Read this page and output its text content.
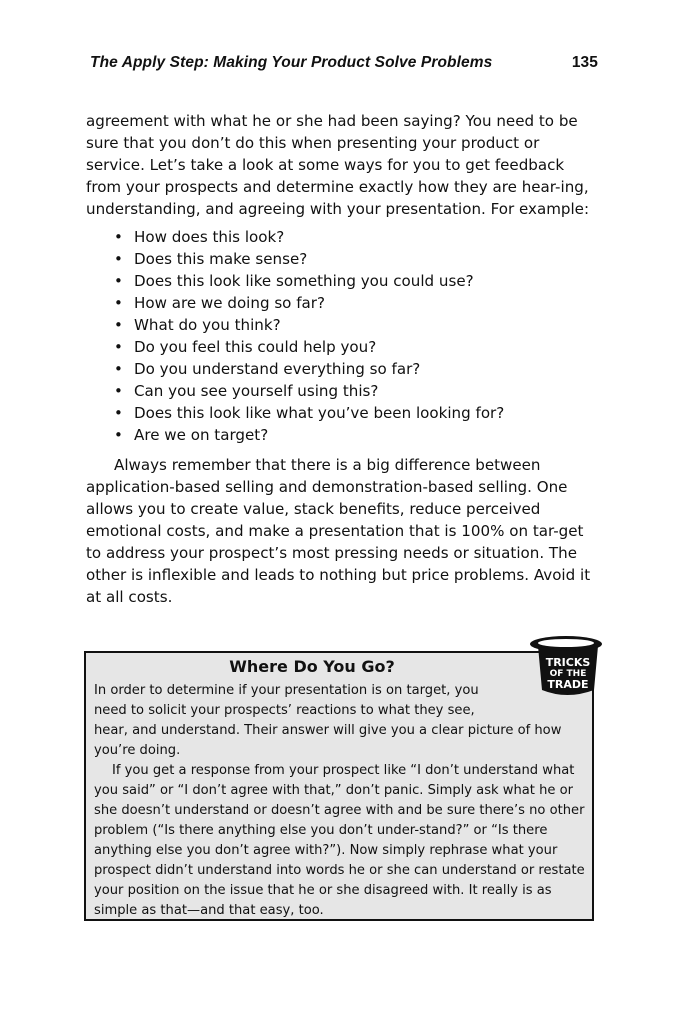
The Apply Step: Making Your Product Solve Problems	135

agreement with what he or she had been saying? You need to be sure that you don’t do this when presenting your product or service. Let’s take a look at some ways for you to get feedback from your prospects and determine exactly how they are hear-ing, understanding, and agreeing with your presentation. For example:

• How does this look?
• Does this make sense?
• Does this look like something you could use?
• How are we doing so far?
• What do you think?
• Do you feel this could help you?
• Do you understand everything so far?
• Can you see yourself using this?
• Does this look like what you’ve been looking for?
• Are we on target?

Always remember that there is a big difference between application-based selling and demonstration-based selling. One allows you to create value, stack benefits, reduce perceived emotional costs, and make a presentation that is 100% on tar-get to address your prospect’s most pressing needs or situation. The other is inflexible and leads to nothing but price problems. Avoid it at all costs.

Where Do You Go?

In order to determine if your presentation is on target, you
need to solicit your prospects’ reactions to what they see,
hear, and understand. Their answer will give you a clear picture of how you’re doing.

If you get a response from your prospect like “I don’t understand what you said” or “I don’t agree with that,” don’t panic. Simply ask what he or she doesn’t understand or doesn’t agree with and be sure there’s no other problem (“Is there anything else you don’t under-stand?” or “Is there anything else you don’t agree with?”). Now simply rephrase what your prospect didn’t understand into words he or she can understand or restate your position on the issue that he or she disagreed with. It really is as simple as that—and that easy, too.

TRICKS
OF THE
TRADE
